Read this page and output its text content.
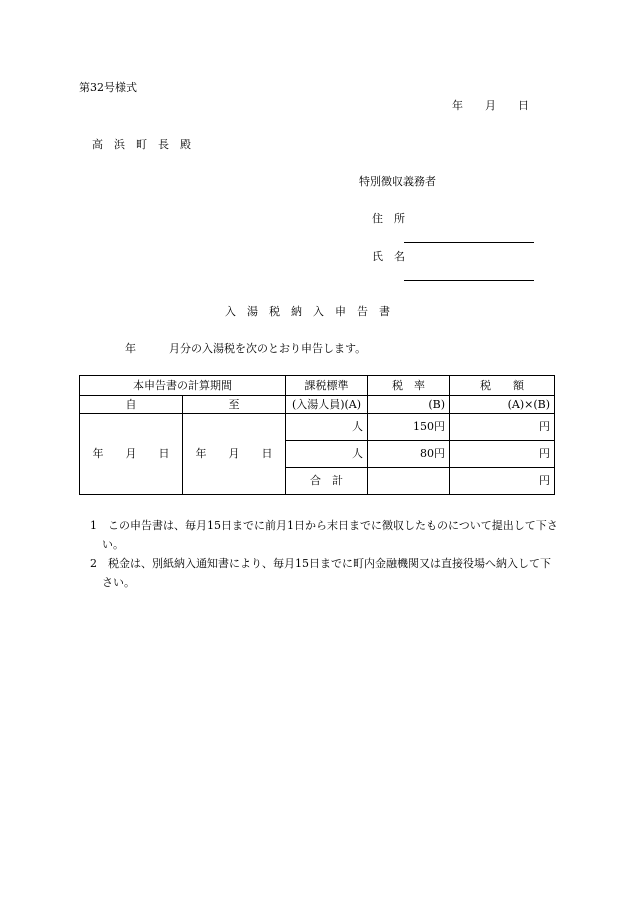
第32号様式
年　　月　　日
高　浜　町　長　殿
特別徴収義務者
住　所
氏　名
入　湯　税　納　入　申　告　書
年　　　月分の入湯税を次のとおり申告します。
本申告書の計算期間		課税標準	税　率	税　　額
自	至	(入湯人員)(A)	(B)	(A)×(B)
年　　月　　日	年　　月　　日	人	150円	円
		人	80円	円
		合　計		円
1　 この申告書は、毎月15日までに前月1日から末日までに徴収したものについて提出して下さい。
2　 税金は、別紙納入通知書により、毎月15日までに町内金融機関又は直接役場へ納入して下さい。
